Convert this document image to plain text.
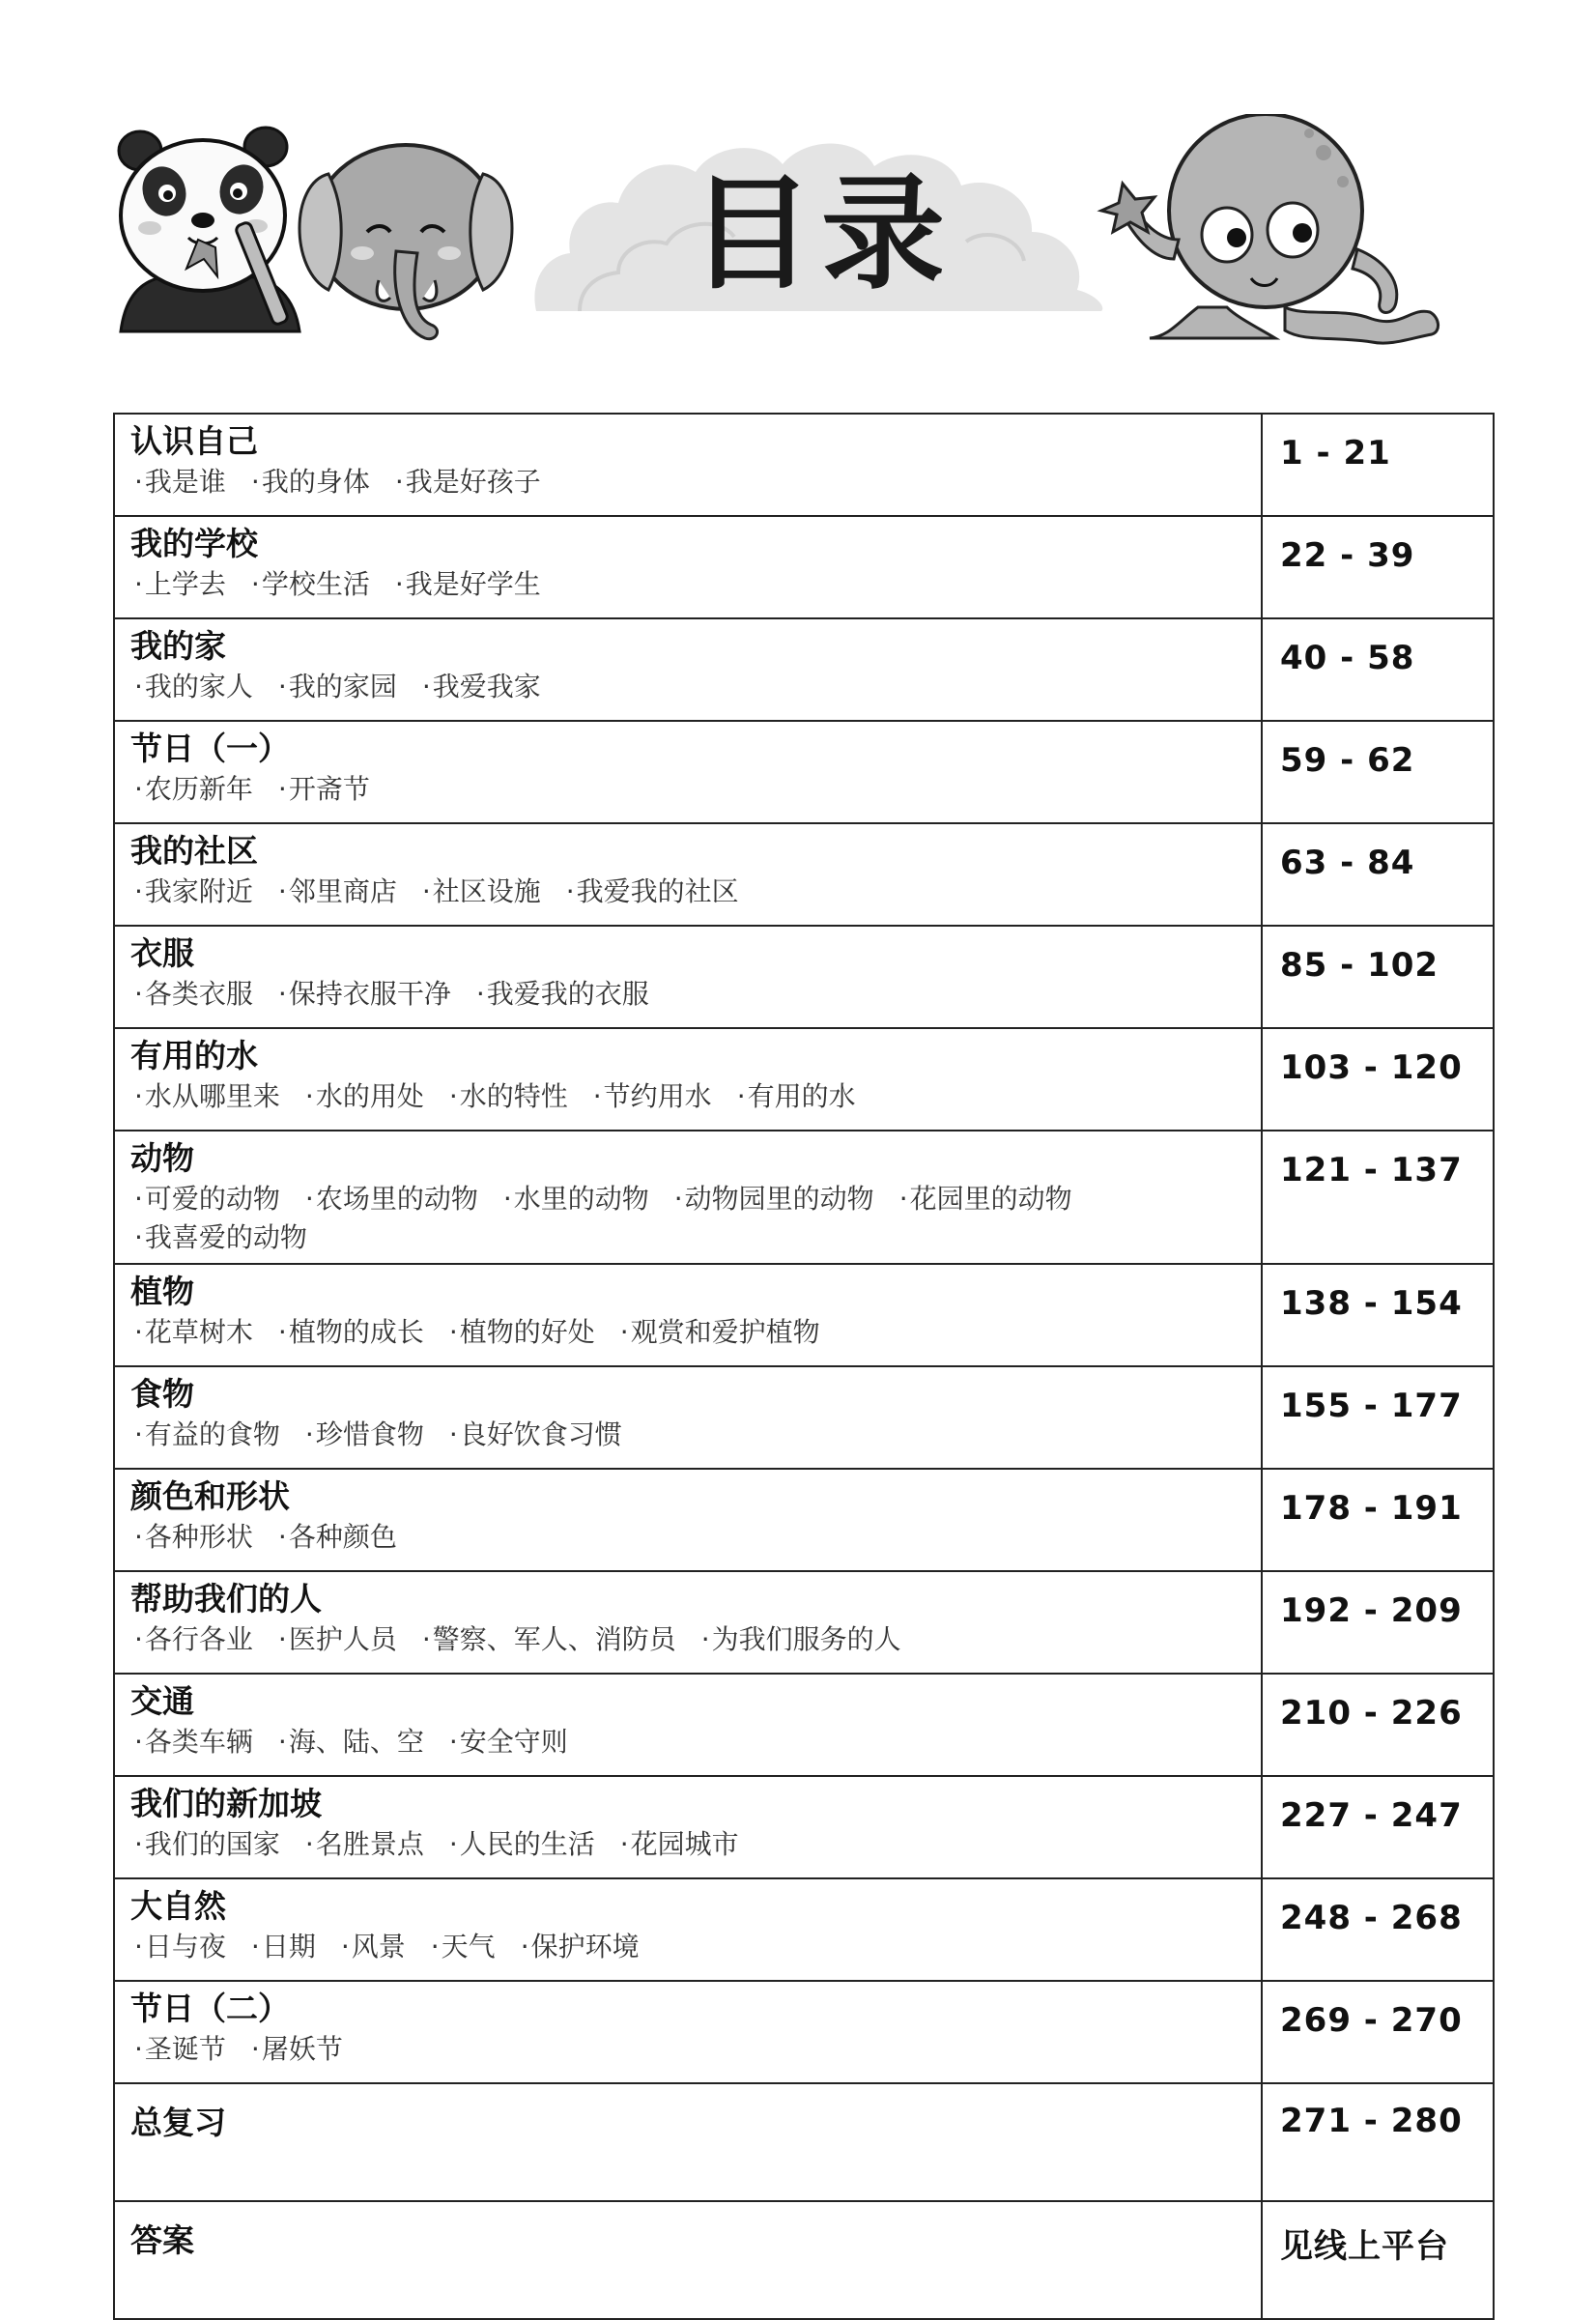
目录
认识自己
· 我是谁 · 我的身体 · 我是好孩子	1 - 21

我的学校
· 上学去 · 学校生活 · 我是好学生	22 - 39

我的家
· 我的家人 · 我的家园 · 我爱我家	40 - 58

节日（一）
· 农历新年 · 开斋节	59 - 62

我的社区
· 我家附近 · 邻里商店 · 社区设施 · 我爱我的社区	63 - 84

衣服
· 各类衣服 · 保持衣服干净 · 我爱我的衣服	85 - 102

有用的水
· 水从哪里来 · 水的用处 · 水的特性 · 节约用水 · 有用的水	103 - 120

动物
· 可爱的动物 · 农场里的动物 · 水里的动物 · 动物园里的动物 · 花园里的动物· 我喜爱的动物	121 - 137

植物
· 花草树木 · 植物的成长 · 植物的好处 · 观赏和爱护植物	138 - 154

食物
· 有益的食物 · 珍惜食物 · 良好饮食习惯	155 - 177

颜色和形状
· 各种形状 · 各种颜色	178 - 191

帮助我们的人
· 各行各业 · 医护人员 · 警察、军人、消防员 · 为我们服务的人	192 - 209

交通
· 各类车辆 · 海、陆、空 · 安全守则	210 - 226

我们的新加坡
· 我们的国家 · 名胜景点 · 人民的生活 · 花园城市	227 - 247

大自然
· 日与夜 · 日期 · 风景 · 天气 · 保护环境	248 - 268

节日（二）
· 圣诞节 · 屠妖节	269 - 270

总复习	271 - 280

答案	见线上平台
